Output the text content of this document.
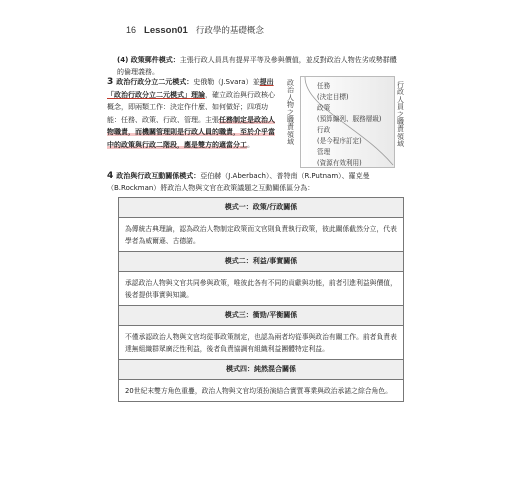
16 Lesson01 行政學的基礎概念
(4) 政策郵件模式：主張行政人員具有提昇平等及參與價值，並反對政治人物佐劣或勢群體的倫理義務。
3 政治行政分立二元模式：史俄勒（J.Svara）並提出「政治行政分立二元模式」理論，確立政治與行政核心概念，即兩類工作：決定作什麼、如何做好；四項功能：任務、政策、行政、管理。主張任務制定是政治人物職責，而機關管理則是行政人員的職責，至於介乎當中的政策與行政二階段，應是雙方的適當分工。
政治人物之職責領域
任務
(決定目標)
政策
(預算編列、服務層級)
行政
(是今程序訂定)
管理
(資源有效利用)
行政人員之職責領域
4 政治與行政互動關係模式：亞伯赫（J.Aberbach）、普特南（R.Putnam）、羅克曼（B.Rockman）將政治人物與文官在政策議題之互動關係區分為：
模式一：政策/行政關係
為傳統古典理論，認為政治人物制定政策而文官則負責執行政策，彼此關係截然分立，代表學者為威爾遜、古德諾。
模式二：利益/事實關係
承認政治人物與文官共同參與政策，唯彼此各有不同的貢獻與功能，前者引進利益與價值，後者提供事實與知識。
模式三：衝勁/平衡關係
不僅承認政治人物與文官均從事政策制定，也認為兩者均從事與政治有關工作。前者負責表達無組織群眾廣泛性利益，後者負責協調有組織利益團體特定利益。
模式四：純然混合關係
20世紀末雙方角色重疊，政治人物與文官均須扮演結合實質專業與政治承諾之綜合角色。
